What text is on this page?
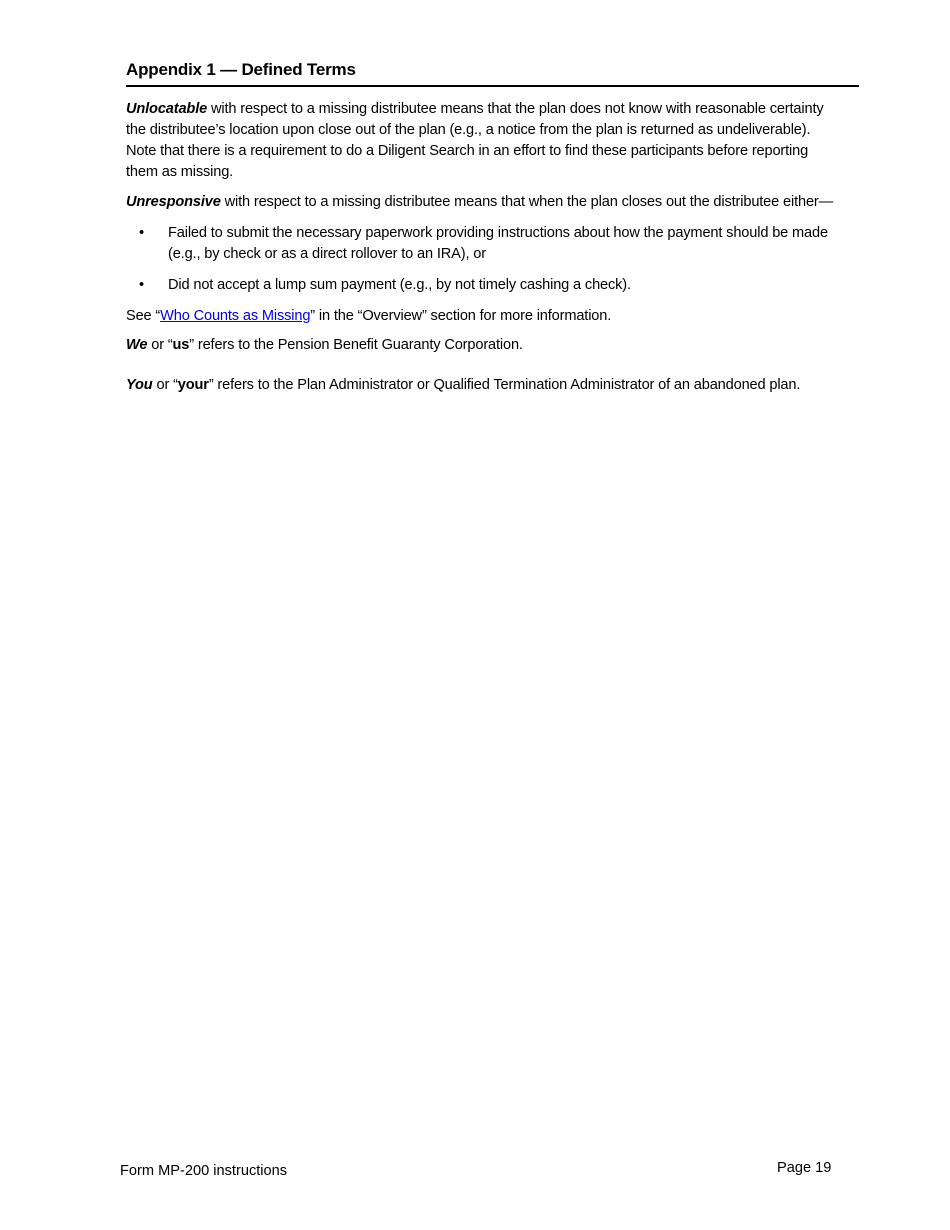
Appendix 1 — Defined Terms

Unlocatable with respect to a missing distributee means that the plan does not know with reasonable certainty the distributee’s location upon close out of the plan (e.g., a notice from the plan is returned as undeliverable). Note that there is a requirement to do a Diligent Search in an effort to find these participants before reporting them as missing.

Unresponsive with respect to a missing distributee means that when the plan closes out the distributee either—

• Failed to submit the necessary paperwork providing instructions about how the payment should be made (e.g., by check or as a direct rollover to an IRA), or
• Did not accept a lump sum payment (e.g., by not timely cashing a check).

See “Who Counts as Missing” in the “Overview” section for more information.

We or “us” refers to the Pension Benefit Guaranty Corporation.

You or “your” refers to the Plan Administrator or Qualified Termination Administrator of an abandoned plan.

Form MP-200 instructions	Page 19
